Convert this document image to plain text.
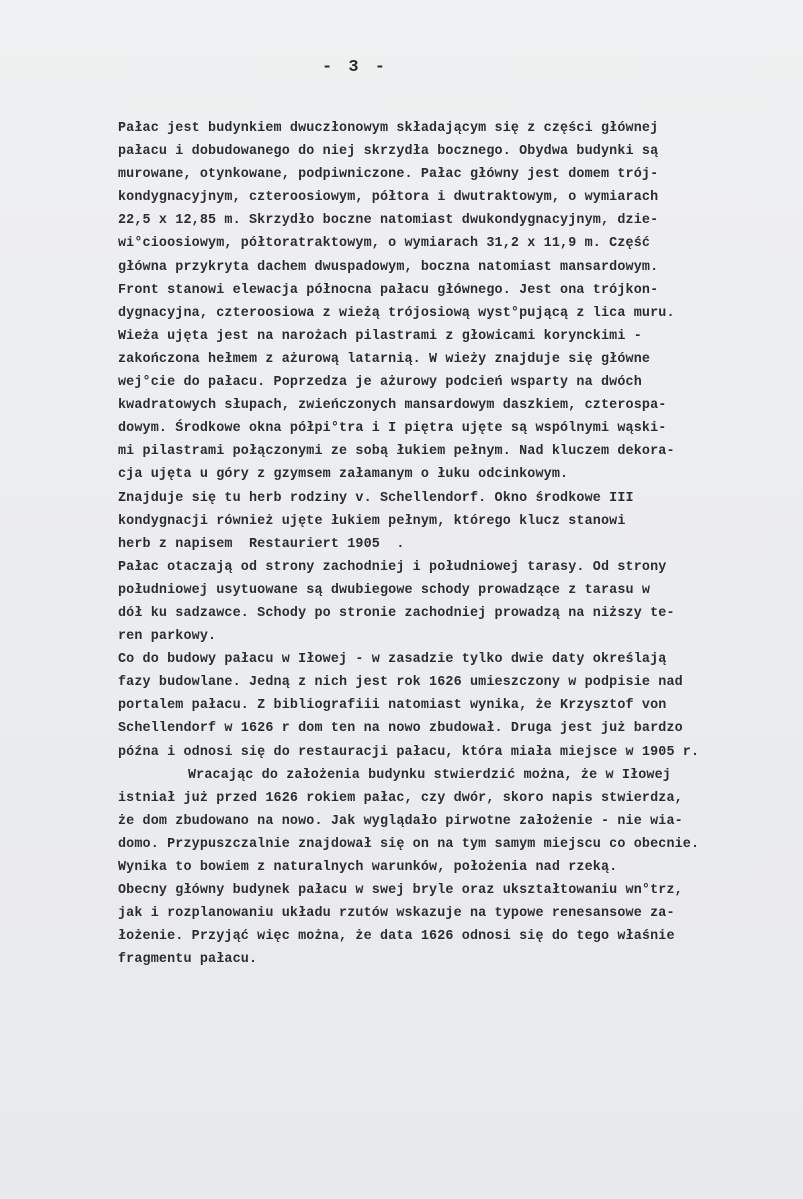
- 3 -
Pałac jest budynkiem dwuczłonowym składającym się z części głównej
pałacu i dobudowanego do niej skrzydła bocznego. Obydwa budynki są
murowane, otynkowane, podpiwniczone. Pałac główny jest domem trój-
kondygnacyjnym, czteroosiowym, półtora i dwutraktowym, o wymiarach
22,5 x 12,85 m. Skrzydło boczne natomiast dwukondygnacyjnym, dzie-
wi°cioosiowym, półtoratraktowym, o wymiarach 31,2 x 11,9 m. Część
główna przykryta dachem dwuspadowym, boczna natomiast mansardowym.
Front stanowi elewacja północna pałacu głównego. Jest ona trójkon-
dygnacyjna, czteroosiowa z wieżą trójosiową wyst°pującą z lica muru.
Wieża ujęta jest na narożach pilastrami z głowicami korynckimi -
zakończona hełmem z ażurową latarnią. W wieży znajduje się główne
wej°cie do pałacu. Poprzedza je ażurowy podcień wsparty na dwóch
kwadratowych słupach, zwieńczonych mansardowym daszkiem, czterospa-
dowym. Środkowe okna półpi°tra i I piętra ujęte są wspólnymi wąski-
mi pilastrami połączonymi ze sobą łukiem pełnym. Nad kluczem dekora-
cja ujęta u góry z gzymsem załamanym o łuku odcinkowym.
Znajduje się tu herb rodziny v. Schellendorf. Okno środkowe III
kondygnacji również ujęte łukiem pełnym, którego klucz stanowi
herb z napisem  Restauriert 1905  .
Pałac otaczają od strony zachodniej i południowej tarasy. Od strony
południowej usytuowane są dwubiegowe schody prowadzące z tarasu w
dół ku sadzawce. Schody po stronie zachodniej prowadzą na niższy te-
ren parkowy.
Co do budowy pałacu w Iłowej - w zasadzie tylko dwie daty określają
fazy budowlane. Jedną z nich jest rok 1626 umieszczony w podpisie nad
portalem pałacu. Z bibliografiii natomiast wynika, że Krzysztof von
Schellendorf w 1626 r dom ten na nowo zbudował. Druga jest już bardzo
późna i odnosi się do restauracji pałacu, która miała miejsce w 1905 r.
Wracając do założenia budynku stwierdzić można, że w Iłowej
istniał już przed 1626 rokiem pałac, czy dwór, skoro napis stwierdza,
że dom zbudowano na nowo. Jak wyglądało pirwotne założenie - nie wia-
domo. Przypuszczalnie znajdował się on na tym samym miejscu co obecnie.
Wynika to bowiem z naturalnych warunków, położenia nad rzeką.
Obecny główny budynek pałacu w swej bryle oraz ukształtowaniu wn°trz,
jak i rozplanowaniu układu rzutów wskazuje na typowe renesansowe za-
łożenie. Przyjąć więc można, że data 1626 odnosi się do tego właśnie
fragmentu pałacu.
